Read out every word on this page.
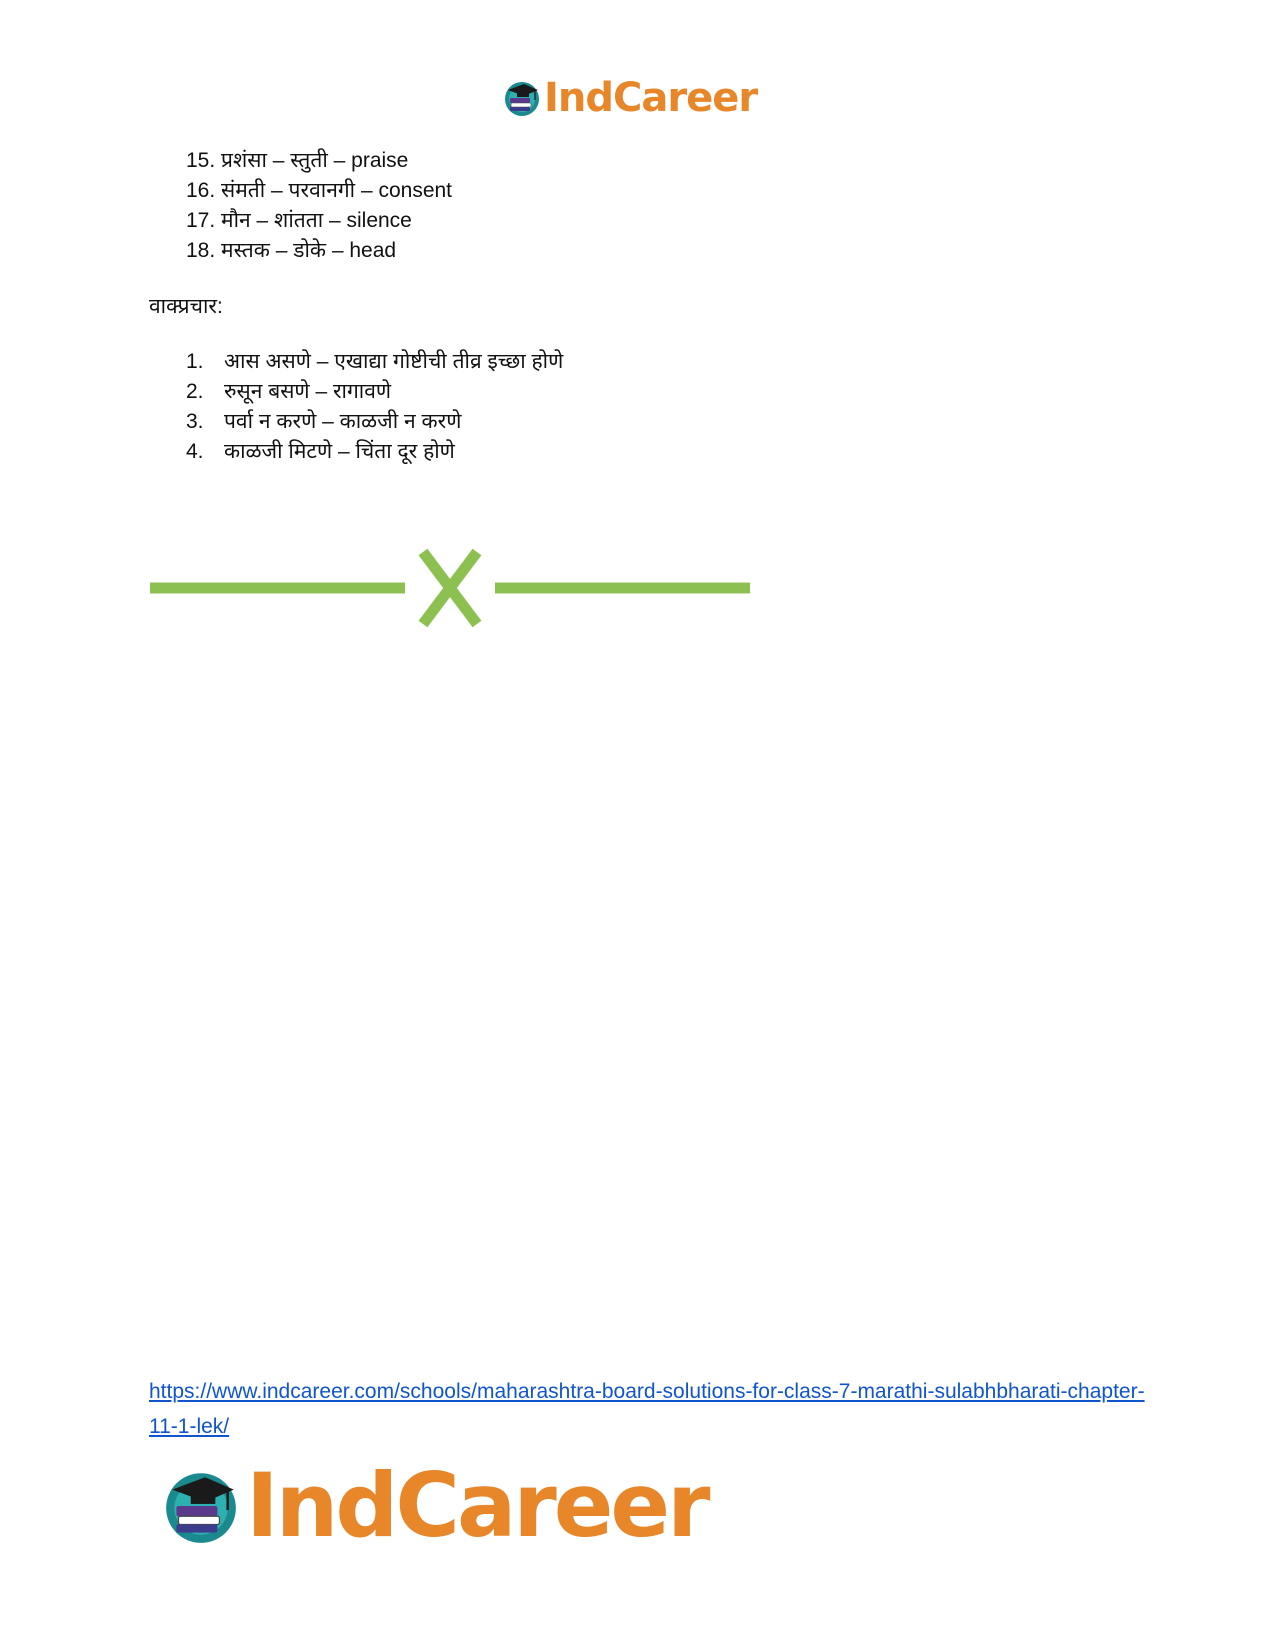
IndCareer
15. प्रशंसा – स्तुती – praise
16. संमती – परवानगी – consent
17. मौन – शांतता – silence
18. मस्तक – डोके – head
वाक्प्रचार:
1. आस असणे – एखाद्या गोष्टीची तीव्र इच्छा होणे
2. रुसून बसणे – रागावणे
3. पर्वा न करणे – काळजी न करणे
4. काळजी मिटणे – चिंता दूर होणे
https://www.indcareer.com/schools/maharashtra-board-solutions-for-class-7-marathi-sulabhbharati-chapter-11-1-lek/
IndCareer
